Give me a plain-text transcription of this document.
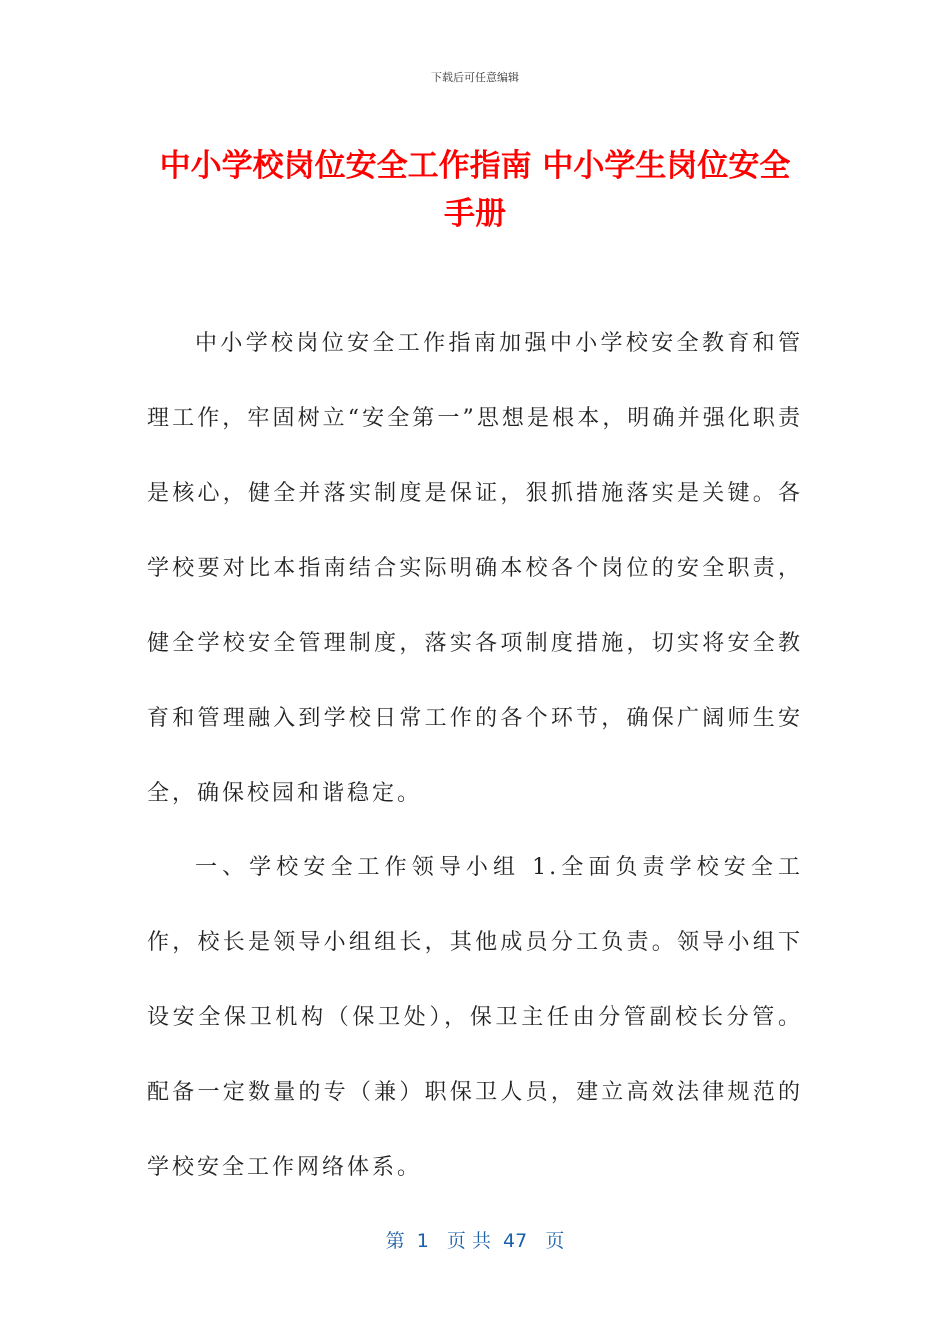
下载后可任意编辑
中小学校岗位安全工作指南 中小学生岗位安全手册

中小学校岗位安全工作指南加强中小学校安全教育和管理工作，牢固树立“安全第一”思想是根本，明确并强化职责是核心，健全并落实制度是保证，狠抓措施落实是关键。各学校要对比本指南结合实际明确本校各个岗位的安全职责，健全学校安全管理制度，落实各项制度措施，切实将安全教育和管理融入到学校日常工作的各个环节，确保广阔师生安全，确保校园和谐稳定。

一、学校安全工作领导小组 1.全面负责学校安全工作，校长是领导小组组长，其他成员分工负责。领导小组下设安全保卫机构（保卫处），保卫主任由分管副校长分管。配备一定数量的专（兼）职保卫人员，建立高效法律规范的学校安全工作网络体系。

第  1   页 共  47   页
